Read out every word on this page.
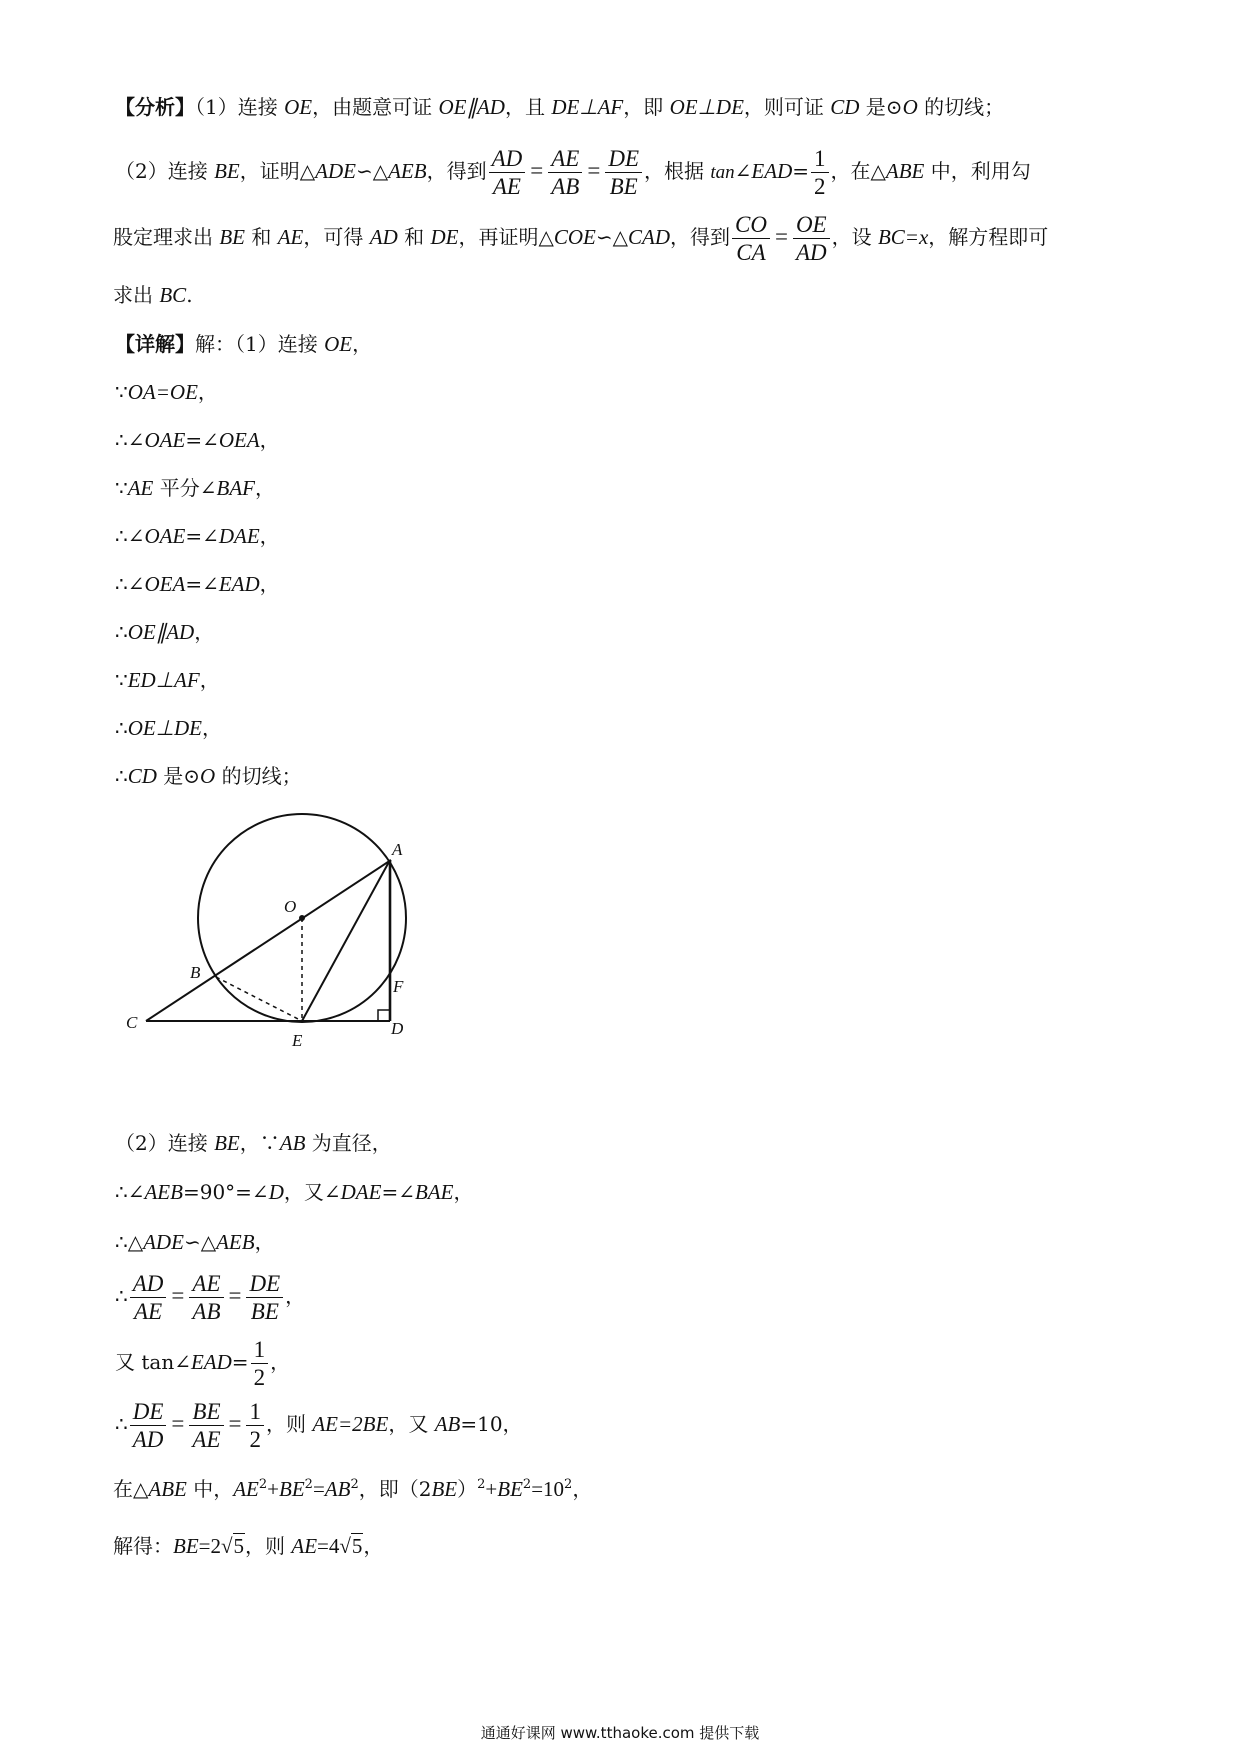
【分析】（1）连接 OE，由题意可证 OE∥AD，且 DE⊥AF，即 OE⊥DE，则可证 CD 是⊙O 的切线；
（2）连接 BE，证明△ADE∽△AEB，得到 $\frac{AD}{AE} = \frac{AE}{AB} = \frac{DE}{BE}$ ，根据 tan∠EAD= $\frac{1}{2}$ ，在△ABE 中，利用勾
股定理求出 BE 和 AE，可得 AD 和 DE，再证明△COE∽△CAD，得到 $\frac{CO}{CA} = \frac{OE}{AD}$ ，设 BC=x，解方程即可
求出 BC.
【详解】解：（1）连接 OE，
∵OA=OE，
∴∠OAE=∠OEA，
∵AE 平分∠BAF，
∴∠OAE=∠DAE，
∴∠OEA=∠EAD，
∴OE∥AD，
∵ED⊥AF，
∴OE⊥DE，
∴CD 是⊙O 的切线；
A
O
B
F
C
E
D
（2）连接 BE，∵AB 为直径，
∴∠AEB=90°=∠D，又∠DAE=∠BAE，
∴△ADE∽△AEB，
∴ $\frac{AD}{AE} = \frac{AE}{AB} = \frac{DE}{BE}$ ，
又 tan∠EAD= $\frac{1}{2}$ ，
∴ $\frac{DE}{AD} = \frac{BE}{AE} = \frac{1}{2}$ ，则 AE=2BE，又 AB=10，
在△ABE 中，$AE^2+BE^2=AB^2$，即$(2BE)^2+BE^2=10^2$，
解得：BE=2√5，则 AE=4√5，
通通好课网 www.tthaoke.com 提供下载
